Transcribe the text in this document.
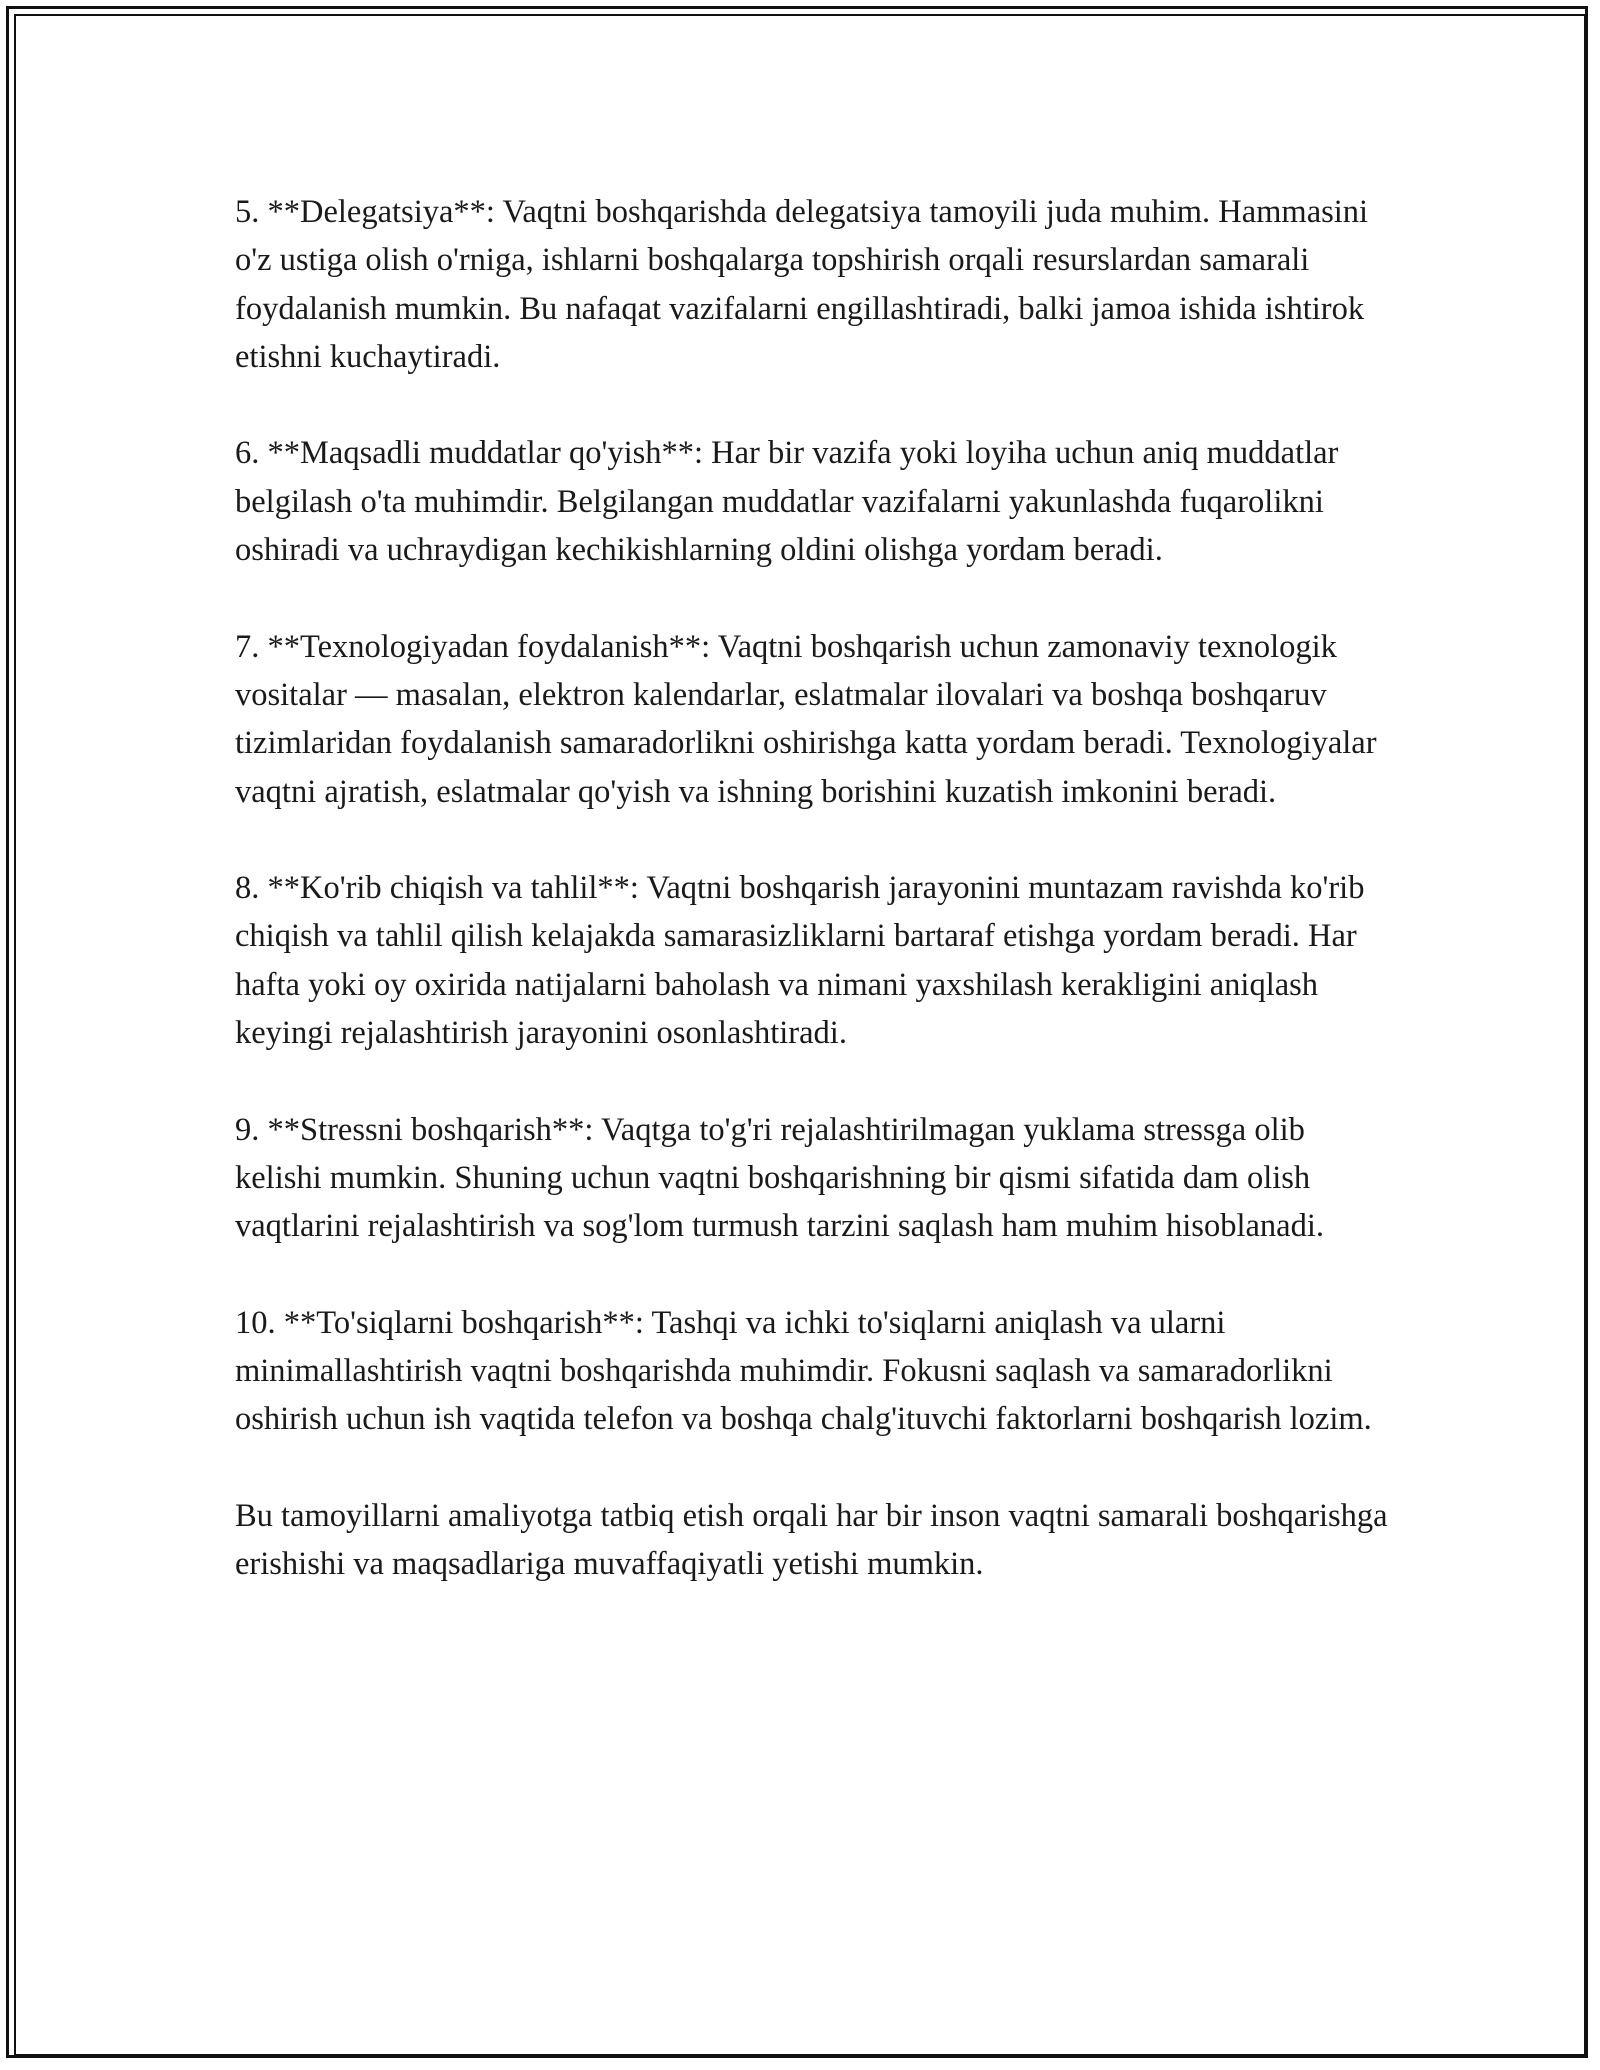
5. **Delegatsiya**: Vaqtni boshqarishda delegatsiya tamoyili juda muhim. Hammasini o'z ustiga olish o'rniga, ishlarni boshqalarga topshirish orqali resurslardan samarali foydalanish mumkin. Bu nafaqat vazifalarni engillashtiradi, balki jamoa ishida ishtirok etishni kuchaytiradi.

6. **Maqsadli muddatlar qo'yish**: Har bir vazifa yoki loyiha uchun aniq muddatlar belgilash o'ta muhimdir. Belgilangan muddatlar vazifalarni yakunlashda fuqarolikni oshiradi va uchraydigan kechikishlarning oldini olishga yordam beradi.

7. **Texnologiyadan foydalanish**: Vaqtni boshqarish uchun zamonaviy texnologik vositalar — masalan, elektron kalendarlar, eslatmalar ilovalari va boshqa boshqaruv tizimlaridan foydalanish samaradorlikni oshirishga katta yordam beradi. Texnologiyalar vaqtni ajratish, eslatmalar qo'yish va ishning borishini kuzatish imkonini beradi.

8. **Ko'rib chiqish va tahlil**: Vaqtni boshqarish jarayonini muntazam ravishda ko'rib chiqish va tahlil qilish kelajakda samarasizliklarni bartaraf etishga yordam beradi. Har hafta yoki oy oxirida natijalarni baholash va nimani yaxshilash kerakligini aniqlash keyingi rejalashtirish jarayonini osonlashtiradi.

9. **Stressni boshqarish**: Vaqtga to'g'ri rejalashtirilmagan yuklama stressga olib kelishi mumkin. Shuning uchun vaqtni boshqarishning bir qismi sifatida dam olish vaqtlarini rejalashtirish va sog'lom turmush tarzini saqlash ham muhim hisoblanadi.

10. **To'siqlarni boshqarish**: Tashqi va ichki to'siqlarni aniqlash va ularni minimallashtirish vaqtni boshqarishda muhimdir. Fokusni saqlash va samaradorlikni oshirish uchun ish vaqtida telefon va boshqa chalg'ituvchi faktorlarni boshqarish lozim.

Bu tamoyillarni amaliyotga tatbiq etish orqali har bir inson vaqtni samarali boshqarishga erishishi va maqsadlariga muvaffaqiyatli yetishi mumkin.
